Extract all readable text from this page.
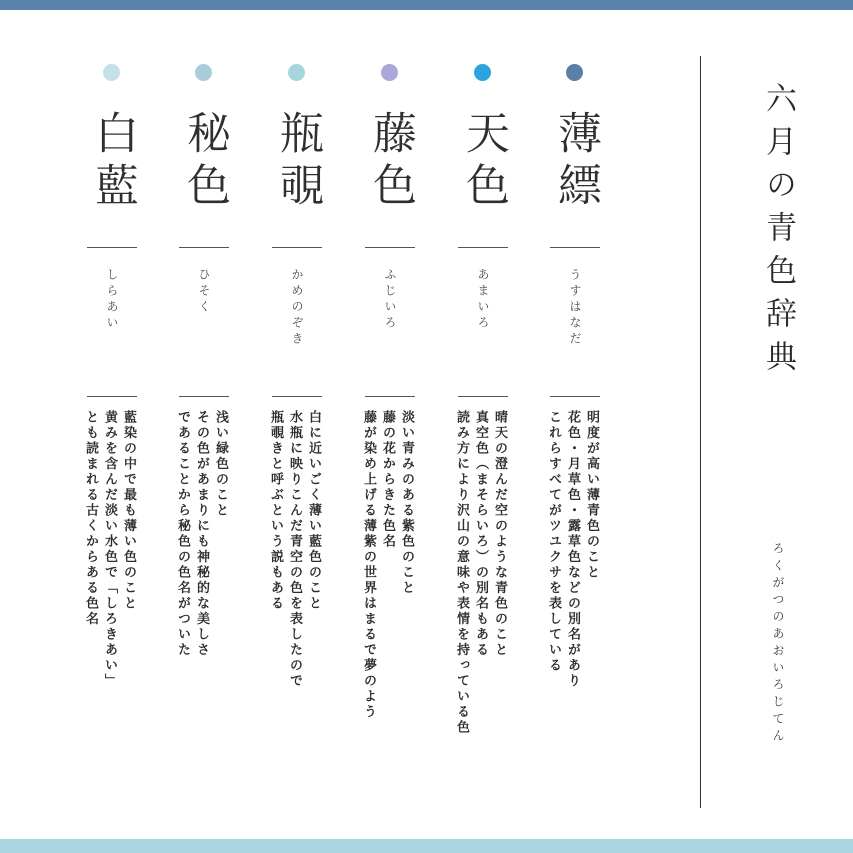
薄縹
うすはなだ
明度が高い薄青色のこと
花色・月草色・露草色などの別名があり
これらすべてがツユクサを表している
天色
あまいろ
晴天の澄んだ空のような青色のこと
真空色（まそらいろ）の別名もある
読み方により沢山の意味や表情を持っている色
藤色
ふじいろ
淡い青みのある紫色のこと
藤の花からきた色名
藤が染め上げる薄紫の世界はまるで夢のよう
瓶覗
かめのぞき
白に近いごく薄い藍色のこと
水瓶に映りこんだ青空の色を表したので
瓶覗きと呼ぶという説もある
秘色
ひそく
浅い緑色のこと
その色があまりにも神秘的な美しさ
であることから秘色の色名がついた
白藍
しらあい
藍染の中で最も薄い色のこと
黄みを含んだ淡い水色で「しろきあい」
とも読まれる古くからある色名
六月の青色辞典
ろくがつのあおいろじてん
